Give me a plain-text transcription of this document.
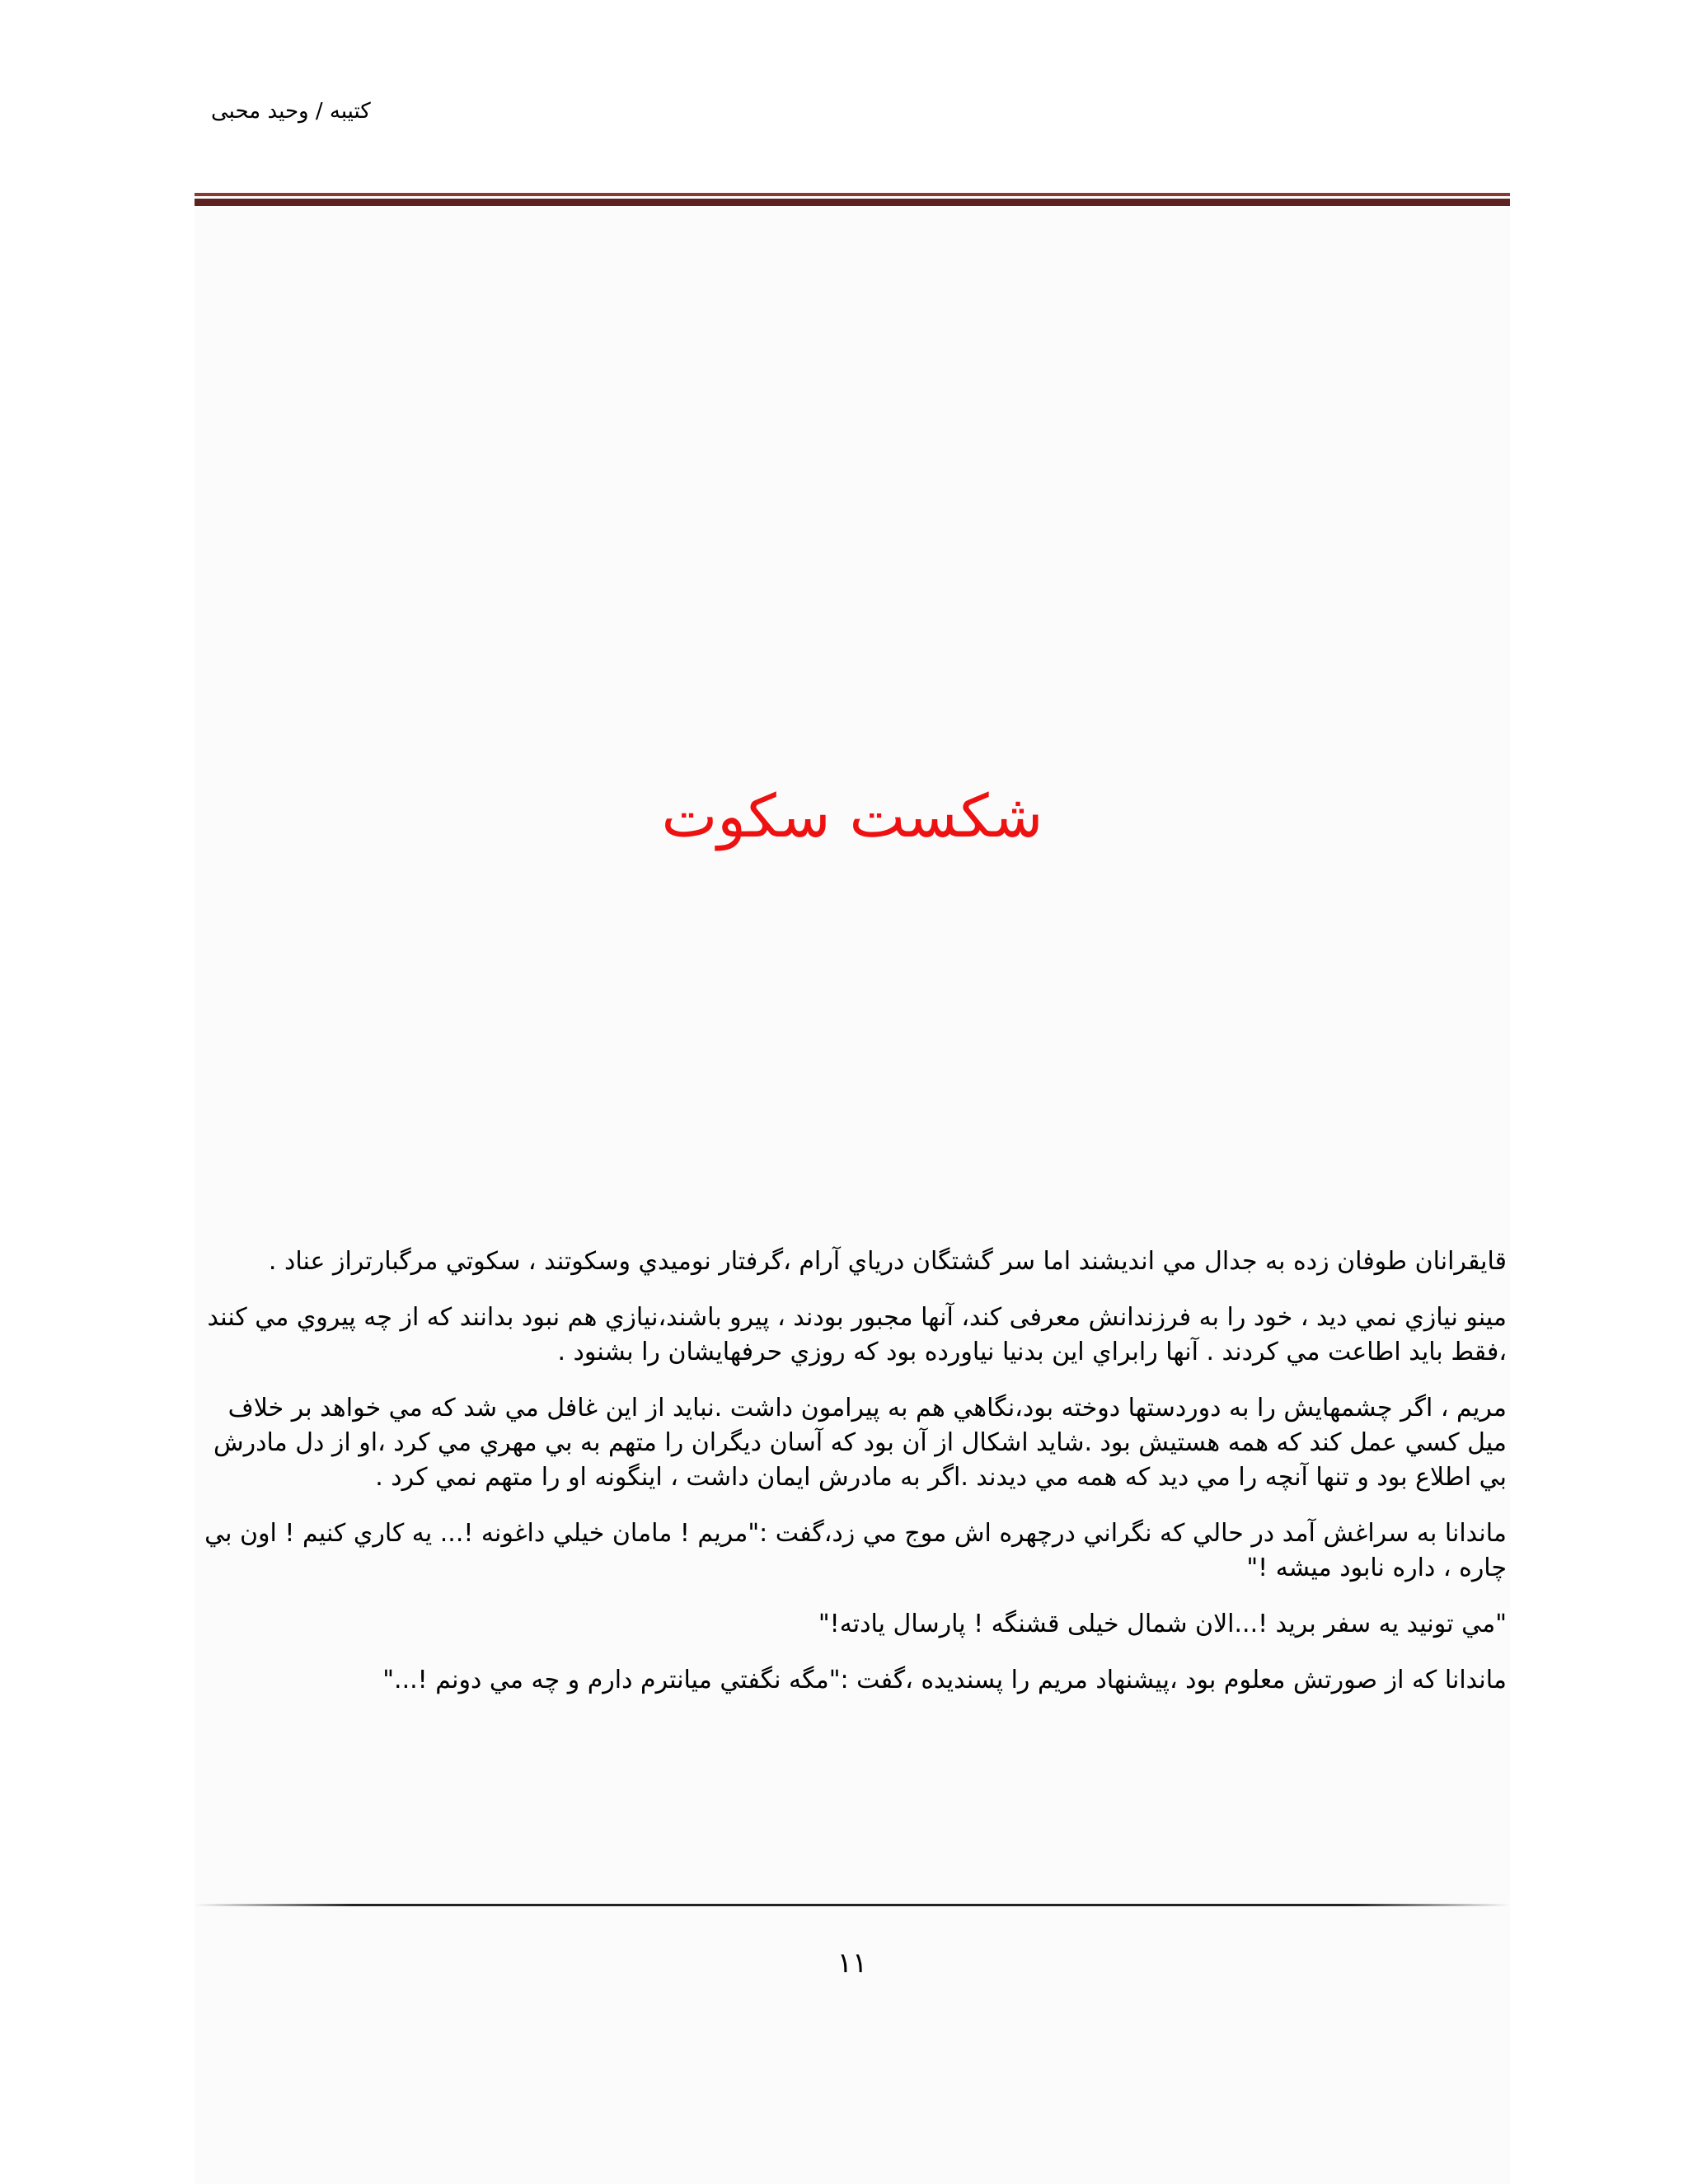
کتیبه / وحید محبی
شکست سکوت

قايقرانان طوفان زده به جدال مي انديشند اما سر گشتگان درياي آرام ،گرفتار نوميدي وسكوتند ، سكوتي مرگبارتراز عناد .

مينو نيازي نمي ديد ، خود را به فرزندانش معرفی کند، آنها مجبور بودند ، پيرو باشند،نيازي هم نبود بدانند كه از چه پيروي مي كنند ،فقط بايد اطاعت مي كردند . آنها رابراي اين بدنيا نياورده بود كه روزي حرفهايشان را بشنود .

مريم ، اگر چشمهايش را به دوردستها دوخته بود،نگاهي هم به پيرامون داشت .نبايد از اين غافل مي شد كه مي خواهد بر خلاف ميل كسي عمل كند كه همه هستيش بود .شايد اشكال از آن بود كه آسان ديگران را متهم به بي مهري مي كرد ،او از دل مادرش بي اطلاع بود و تنها آنچه را مي ديد كه همه مي ديدند .اگر به مادرش ايمان داشت ، اينگونه او را متهم نمي كرد .

ماندانا به سراغش آمد در حالي كه نگراني درچهره اش موج مي زد،گفت :"مريم ! مامان خيلي داغونه !... يه كاري كنيم ! اون بي چاره ، داره نابود ميشه !"

"مي تونيد يه سفر بريد !...الان شمال خيلی قشنگه ! پارسال يادته!"

ماندانا كه از صورتش معلوم بود ،پيشنهاد مريم را پسنديده ،گفت :"مگه نگفتي ميانترم دارم و چه مي دونم !..."

۱۱
